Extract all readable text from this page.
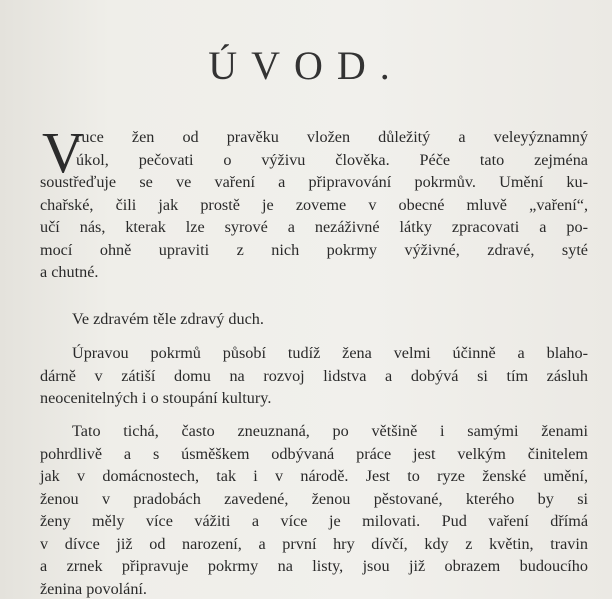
ÚVOD.
V
ruce žen od pravěku vložen důležitý a veleyýznamný
úkol, pečovati o výživu člověka. Péče tato zejména
soustřeďuje se ve vaření a připravování pokrmův. Umění ku-
chařské, čili jak prostě je zoveme v obecné mluvě „vaření“,
učí nás, kterak lze syrové a nezáživné látky zpracovati a po-
mocí ohně upraviti z nich pokrmy výživné, zdravé, syté
a chutné.
Ve zdravém těle zdravý duch.
Úpravou pokrmů působí tudíž žena velmi účinně a blaho-
dárně v zátiší domu na rozvoj lidstva a dobývá si tím zásluh
neocenitelných i o stoupání kultury.
Tato tichá, často zneuznaná, po většině i samými ženami
pohrdlivě a s úsměškem odbývaná práce jest velkým činitelem
jak v domácnostech, tak i v národě. Jest to ryze ženské umění,
ženou v pradobách zavedené, ženou pěstované, kterého by si
ženy měly více vážiti a více je milovati. Pud vaření dřímá
v dívce již od narození, a první hry dívčí, kdy z květin, travin
a zrnek připravuje pokrmy na listy, jsou již obrazem budoucího
ženina povolání.
